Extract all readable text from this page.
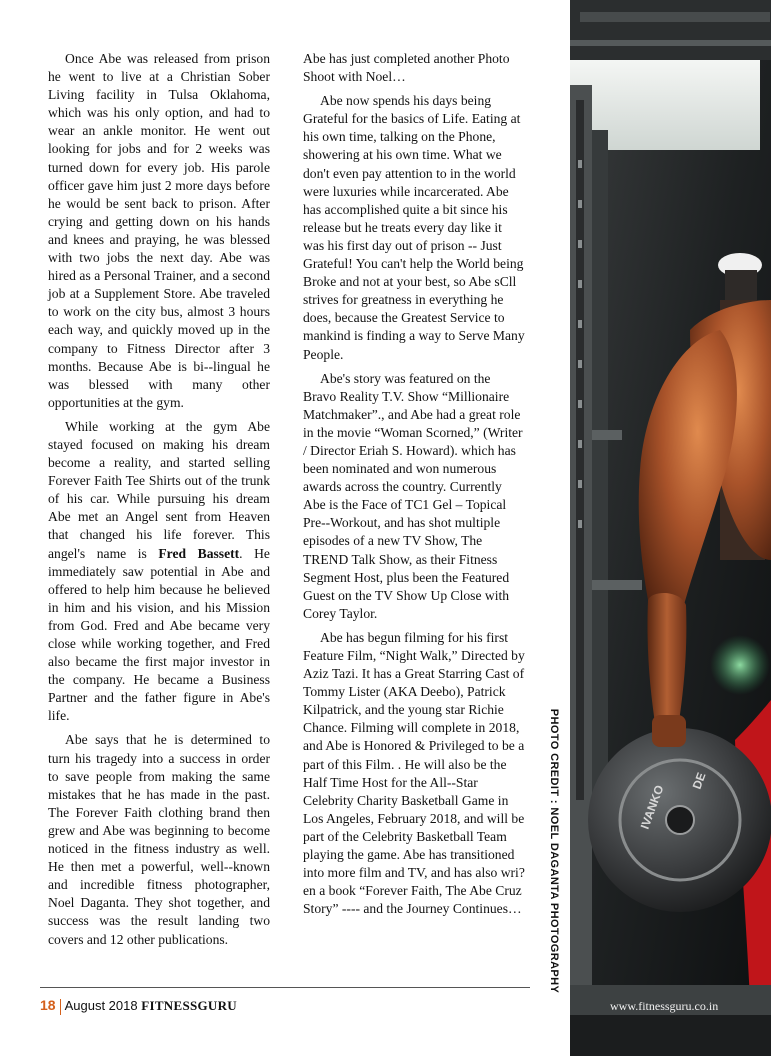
Once Abe was released from prison he went to live at a Christian Sober Living facility in Tulsa Oklahoma, which was his only option, and had to wear an ankle monitor. He went out looking for jobs and for 2 weeks was turned down for every job. His parole officer gave him just 2 more days before he would be sent back to prison. After crying and getting down on his hands and knees and praying, he was blessed with two jobs the next day. Abe was hired as a Personal Trainer, and a second job at a Supplement Store. Abe traveled to work on the city bus, almost 3 hours each way, and quickly moved up in the company to Fitness Director after 3 months. Because Abe is bi--lingual he was blessed with many other opportunities at the gym.

While working at the gym Abe stayed focused on making his dream become a reality, and started selling Forever Faith Tee Shirts out of the trunk of his car. While pursuing his dream Abe met an Angel sent from Heaven that changed his life forever. This angel's name is Fred Bassett. He immediately saw potential in Abe and offered to help him because he believed in him and his vision, and his Mission from God. Fred and Abe became very close while working together, and Fred also became the first major investor in the company. He became a Business Partner and the father figure in Abe's life.

Abe says that he is determined to turn his tragedy into a success in order to save people from making the same mistakes that he has made in the past. The Forever Faith clothing brand then grew and Abe was beginning to become noticed in the fitness industry as well. He then met a powerful, well--known and incredible fitness photographer, Noel Daganta. They shot together, and success was the result landing two covers and 12 other publications.

Abe has just completed another Photo Shoot with Noel…

Abe now spends his days being Grateful for the basics of Life. Eating at his own time, talking on the Phone, showering at his own time. What we don't even pay attention to in the world were luxuries while incarcerated. Abe has accomplished quite a bit since his release but he treats every day like it was his first day out of prison -- Just Grateful! You can't help the World being Broke and not at your best, so Abe sCll strives for greatness in everything he does, because the Greatest Service to mankind is finding a way to Serve Many People.

Abe's story was featured on the Bravo Reality T.V. Show “Millionaire Matchmaker”., and Abe had a great role in the movie “Woman Scorned,” (Writer / Director Eriah S. Howard). which has been nominated and won numerous awards across the country. Currently Abe is the Face of TC1 Gel – Topical Pre--Workout, and has shot multiple episodes of a new TV Show, The TREND Talk Show, as their Fitness Segment Host, plus been the Featured Guest on the TV Show Up Close with Corey Taylor.

Abe has begun filming for his first Feature Film, “Night Walk,” Directed by Aziz Tazi. It has a Great Starring Cast of Tommy Lister (AKA Deebo), Patrick Kilpatrick, and the young star Richie Chance. Filming will complete in 2018, and Abe is Honored & Privileged to be a part of this Film. . He will also be the Half Time Host for the All--Star Celebrity Charity Basketball Game in Los Angeles, February 2018, and will be part of the Celebrity Basketball Team playing the game. Abe has transitioned into more film and TV, and has also wri?en a book “Forever Faith, The Abe Cruz Story” ---- and the Journey Continues…	PHOTO CREDIT : NOEL DAGANTA PHOTOGRAPHY	IVANKO
DE
18 August 2018 FITNESSGURU	www.fitnessguru.co.in
